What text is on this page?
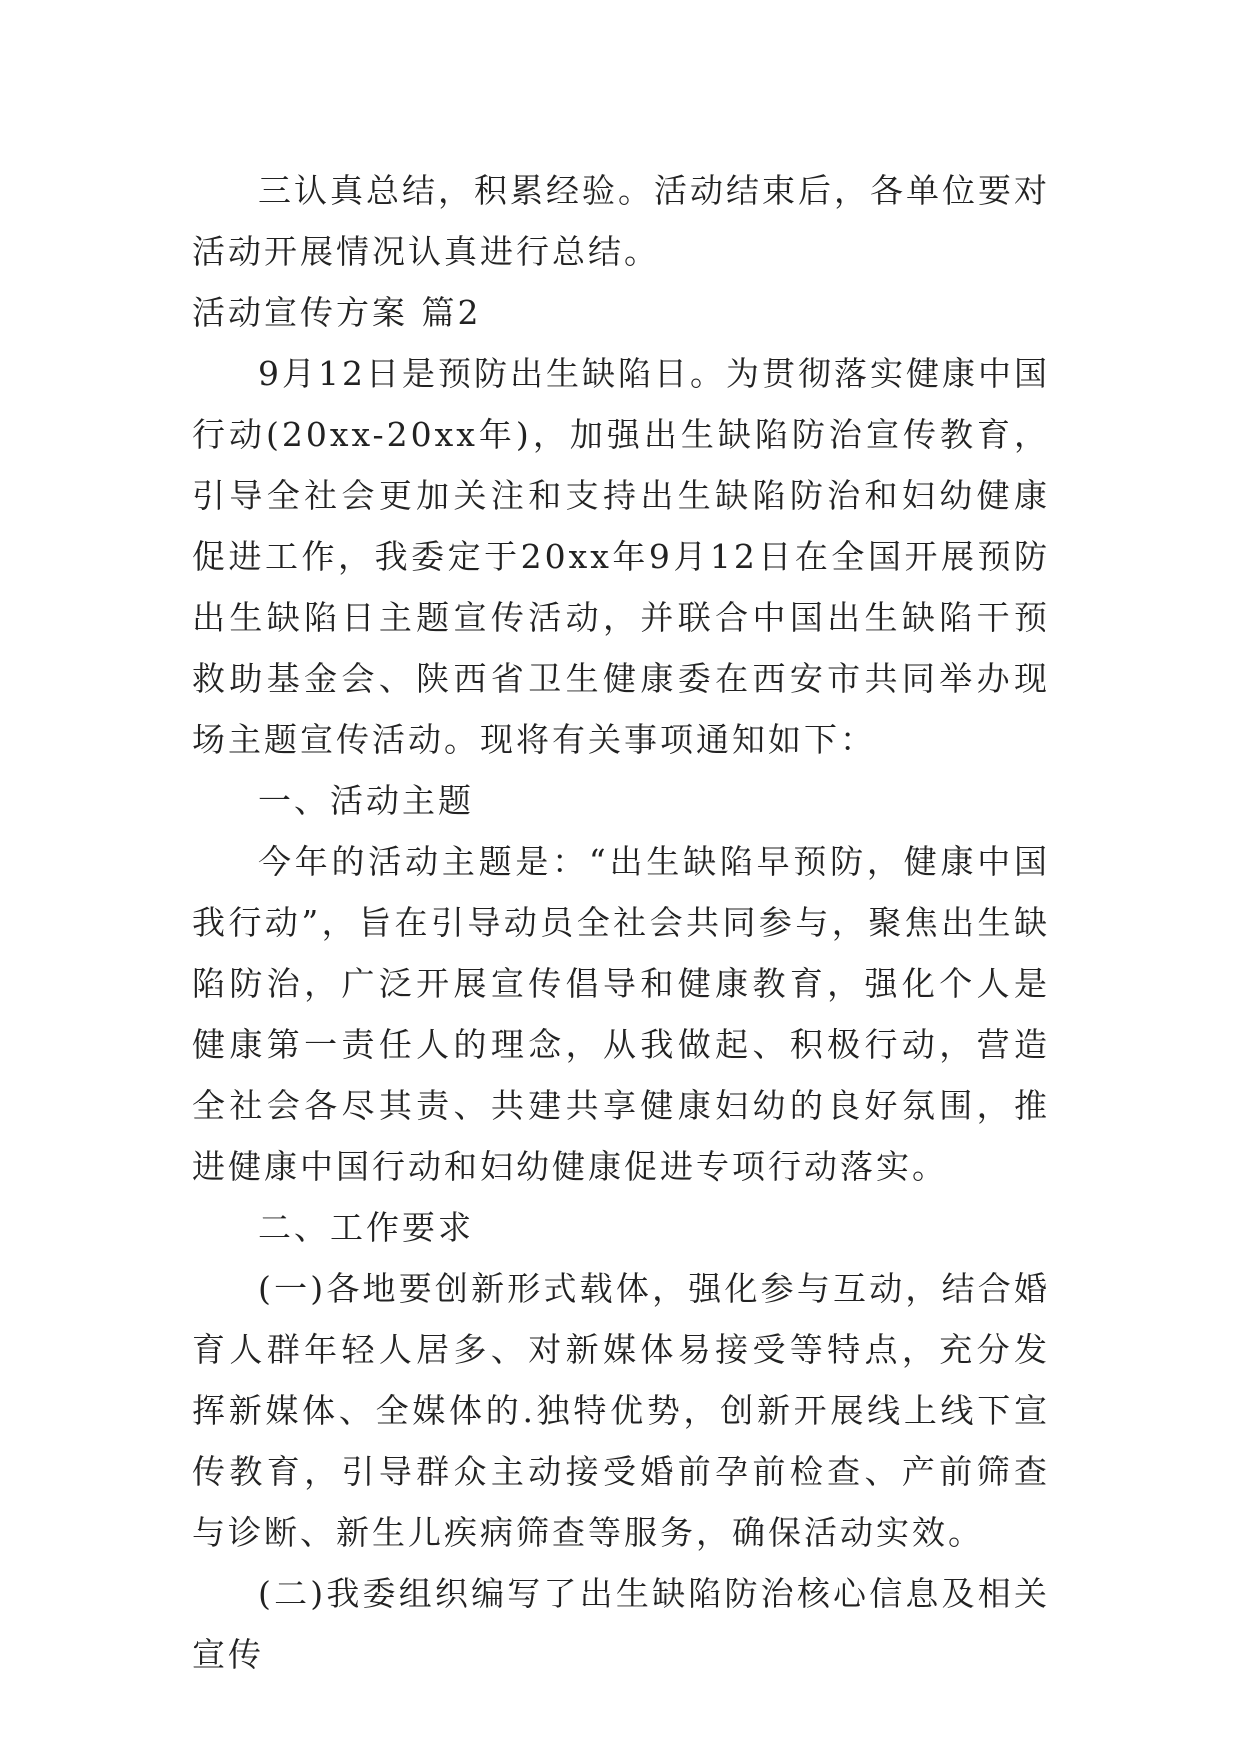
三认真总结，积累经验。活动结束后，各单位要对活动开展情况认真进行总结。

活动宣传方案 篇2

9月12日是预防出生缺陷日。为贯彻落实健康中国行动(20xx-20xx年)，加强出生缺陷防治宣传教育，引导全社会更加关注和支持出生缺陷防治和妇幼健康促进工作，我委定于20xx年9月12日在全国开展预防出生缺陷日主题宣传活动，并联合中国出生缺陷干预救助基金会、陕西省卫生健康委在西安市共同举办现场主题宣传活动。现将有关事项通知如下：

一、活动主题

今年的活动主题是：“出生缺陷早预防，健康中国我行动”，旨在引导动员全社会共同参与，聚焦出生缺陷防治，广泛开展宣传倡导和健康教育，强化个人是健康第一责任人的理念，从我做起、积极行动，营造全社会各尽其责、共建共享健康妇幼的良好氛围，推进健康中国行动和妇幼健康促进专项行动落实。

二、工作要求

(一)各地要创新形式载体，强化参与互动，结合婚育人群年轻人居多、对新媒体易接受等特点，充分发挥新媒体、全媒体的.独特优势，创新开展线上线下宣传教育，引导群众主动接受婚前孕前检查、产前筛查与诊断、新生儿疾病筛查等服务，确保活动实效。

(二)我委组织编写了出生缺陷防治核心信息及相关宣传
